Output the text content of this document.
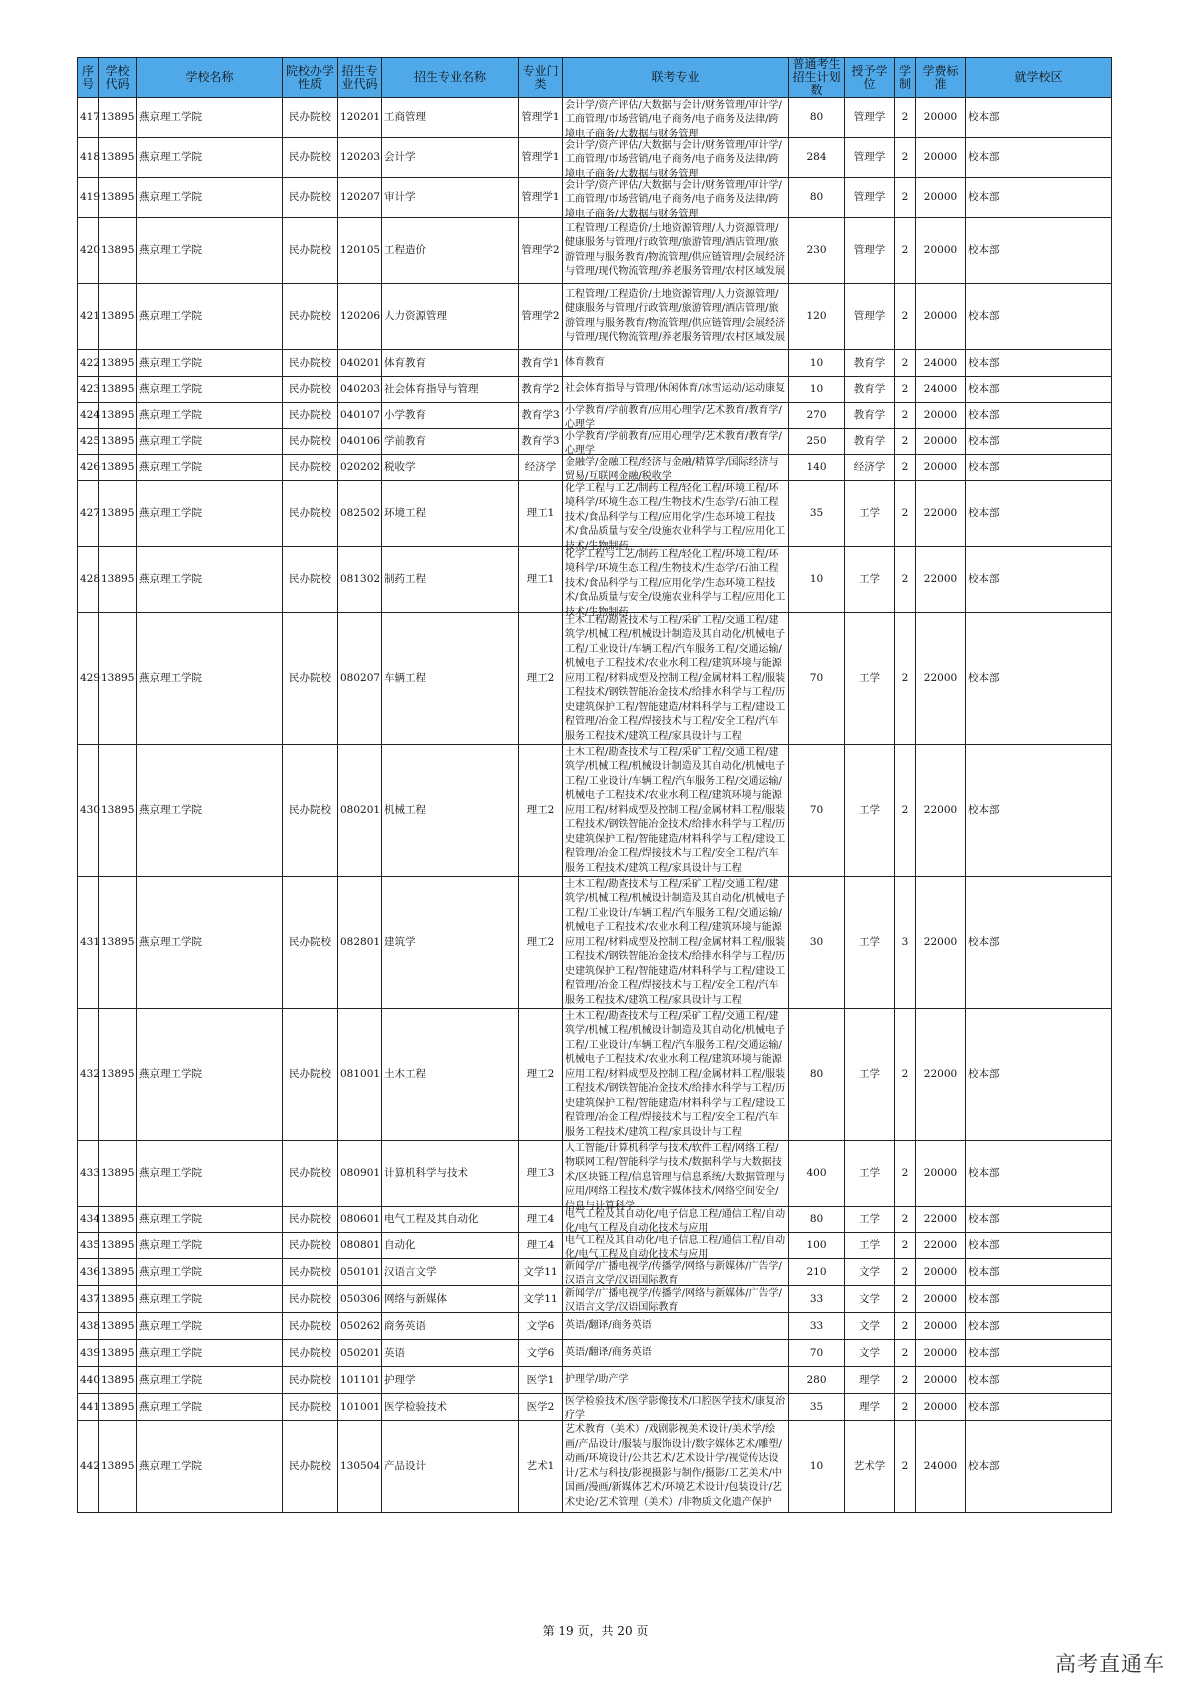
序号	学校代码	学校名称	院校办学性质	招生专业代码	招生专业名称	专业门类	联考专业	普通考生招生计划数	授予学位	学制	学费标准	就学校区
417	13895	燕京理工学院	民办院校	120201	工商管理	管理学1	会计学/资产评估/大数据与会计/财务管理/审计学/工商管理/市场营销/电子商务/电子商务及法律/跨境电子商务/大数据与财务管理	80	管理学	2	20000	校本部
418	13895	燕京理工学院	民办院校	120203	会计学	管理学1	会计学/资产评估/大数据与会计/财务管理/审计学/工商管理/市场营销/电子商务/电子商务及法律/跨境电子商务/大数据与财务管理	284	管理学	2	20000	校本部
419	13895	燕京理工学院	民办院校	120207	审计学	管理学1	会计学/资产评估/大数据与会计/财务管理/审计学/工商管理/市场营销/电子商务/电子商务及法律/跨境电子商务/大数据与财务管理	80	管理学	2	20000	校本部
420	13895	燕京理工学院	民办院校	120105	工程造价	管理学2	工程管理/工程造价/土地资源管理/人力资源管理/健康服务与管理/行政管理/旅游管理/酒店管理/旅游管理与服务教育/物流管理/供应链管理/会展经济与管理/现代物流管理/养老服务管理/农村区域发展	230	管理学	2	20000	校本部
421	13895	燕京理工学院	民办院校	120206	人力资源管理	管理学2	工程管理/工程造价/土地资源管理/人力资源管理/健康服务与管理/行政管理/旅游管理/酒店管理/旅游管理与服务教育/物流管理/供应链管理/会展经济与管理/现代物流管理/养老服务管理/农村区域发展	120	管理学	2	20000	校本部
422	13895	燕京理工学院	民办院校	040201	体育教育	教育学1	体育教育	10	教育学	2	24000	校本部
423	13895	燕京理工学院	民办院校	040203	社会体育指导与管理	教育学2	社会体育指导与管理/休闲体育/冰雪运动/运动康复	10	教育学	2	24000	校本部
424	13895	燕京理工学院	民办院校	040107	小学教育	教育学3	小学教育/学前教育/应用心理学/艺术教育/教育学/心理学	270	教育学	2	20000	校本部
425	13895	燕京理工学院	民办院校	040106	学前教育	教育学3	小学教育/学前教育/应用心理学/艺术教育/教育学/心理学	250	教育学	2	20000	校本部
426	13895	燕京理工学院	民办院校	020202	税收学	经济学	金融学/金融工程/经济与金融/精算学/国际经济与贸易/互联网金融/税收学	140	经济学	2	20000	校本部
427	13895	燕京理工学院	民办院校	082502	环境工程	理工1	化学工程与工艺/制药工程/轻化工程/环境工程/环境科学/环境生态工程/生物技术/生态学/石油工程技术/食品科学与工程/应用化学/生态环境工程技术/食品质量与安全/设施农业科学与工程/应用化工技术/生物制药	35	工学	2	22000	校本部
428	13895	燕京理工学院	民办院校	081302	制药工程	理工1	化学工程与工艺/制药工程/轻化工程/环境工程/环境科学/环境生态工程/生物技术/生态学/石油工程技术/食品科学与工程/应用化学/生态环境工程技术/食品质量与安全/设施农业科学与工程/应用化工技术/生物制药	10	工学	2	22000	校本部
429	13895	燕京理工学院	民办院校	080207	车辆工程	理工2	土木工程/勘查技术与工程/采矿工程/交通工程/建筑学/机械工程/机械设计制造及其自动化/机械电子工程/工业设计/车辆工程/汽车服务工程/交通运输/机械电子工程技术/农业水利工程/建筑环境与能源应用工程/材料成型及控制工程/金属材料工程/服装工程技术/钢铁智能冶金技术/给排水科学与工程/历史建筑保护工程/智能建造/材料科学与工程/建设工程管理/冶金工程/焊接技术与工程/安全工程/汽车服务工程技术/建筑工程/家具设计与工程	70	工学	2	22000	校本部
430	13895	燕京理工学院	民办院校	080201	机械工程	理工2	土木工程/勘查技术与工程/采矿工程/交通工程/建筑学/机械工程/机械设计制造及其自动化/机械电子工程/工业设计/车辆工程/汽车服务工程/交通运输/机械电子工程技术/农业水利工程/建筑环境与能源应用工程/材料成型及控制工程/金属材料工程/服装工程技术/钢铁智能冶金技术/给排水科学与工程/历史建筑保护工程/智能建造/材料科学与工程/建设工程管理/冶金工程/焊接技术与工程/安全工程/汽车服务工程技术/建筑工程/家具设计与工程	70	工学	2	22000	校本部
431	13895	燕京理工学院	民办院校	082801	建筑学	理工2	土木工程/勘查技术与工程/采矿工程/交通工程/建筑学/机械工程/机械设计制造及其自动化/机械电子工程/工业设计/车辆工程/汽车服务工程/交通运输/机械电子工程技术/农业水利工程/建筑环境与能源应用工程/材料成型及控制工程/金属材料工程/服装工程技术/钢铁智能冶金技术/给排水科学与工程/历史建筑保护工程/智能建造/材料科学与工程/建设工程管理/冶金工程/焊接技术与工程/安全工程/汽车服务工程技术/建筑工程/家具设计与工程	30	工学	3	22000	校本部
432	13895	燕京理工学院	民办院校	081001	土木工程	理工2	土木工程/勘查技术与工程/采矿工程/交通工程/建筑学/机械工程/机械设计制造及其自动化/机械电子工程/工业设计/车辆工程/汽车服务工程/交通运输/机械电子工程技术/农业水利工程/建筑环境与能源应用工程/材料成型及控制工程/金属材料工程/服装工程技术/钢铁智能冶金技术/给排水科学与工程/历史建筑保护工程/智能建造/材料科学与工程/建设工程管理/冶金工程/焊接技术与工程/安全工程/汽车服务工程技术/建筑工程/家具设计与工程	80	工学	2	22000	校本部
433	13895	燕京理工学院	民办院校	080901	计算机科学与技术	理工3	人工智能/计算机科学与技术/软件工程/网络工程/物联网工程/智能科学与技术/数据科学与大数据技术/区块链工程/信息管理与信息系统/大数据管理与应用/网络工程技术/数字媒体技术/网络空间安全/信息与计算科学	400	工学	2	20000	校本部
434	13895	燕京理工学院	民办院校	080601	电气工程及其自动化	理工4	电气工程及其自动化/电子信息工程/通信工程/自动化/电气工程及自动化技术与应用	80	工学	2	22000	校本部
435	13895	燕京理工学院	民办院校	080801	自动化	理工4	电气工程及其自动化/电子信息工程/通信工程/自动化/电气工程及自动化技术与应用	100	工学	2	22000	校本部
436	13895	燕京理工学院	民办院校	050101	汉语言文学	文学11	新闻学/广播电视学/传播学/网络与新媒体/广告学/汉语言文学/汉语国际教育	210	文学	2	20000	校本部
437	13895	燕京理工学院	民办院校	050306	网络与新媒体	文学11	新闻学/广播电视学/传播学/网络与新媒体/广告学/汉语言文学/汉语国际教育	33	文学	2	20000	校本部
438	13895	燕京理工学院	民办院校	050262	商务英语	文学6	英语/翻译/商务英语	33	文学	2	20000	校本部
439	13895	燕京理工学院	民办院校	050201	英语	文学6	英语/翻译/商务英语	70	文学	2	20000	校本部
440	13895	燕京理工学院	民办院校	101101	护理学	医学1	护理学/助产学	280	理学	2	20000	校本部
441	13895	燕京理工学院	民办院校	101001	医学检验技术	医学2	医学检验技术/医学影像技术/口腔医学技术/康复治疗学	35	理学	2	20000	校本部
442	13895	燕京理工学院	民办院校	130504	产品设计	艺术1	艺术教育（美术）/戏剧影视美术设计/美术学/绘画/产品设计/服装与服饰设计/数字媒体艺术/雕塑/动画/环境设计/公共艺术/艺术设计学/视觉传达设计/艺术与科技/影视摄影与制作/摄影/工艺美术/中国画/漫画/新媒体艺术/环境艺术设计/包装设计/艺术史论/艺术管理（美术）/非物质文化遗产保护	10	艺术学	2	24000	校本部
第 19 页，共 20 页
高考直通车
